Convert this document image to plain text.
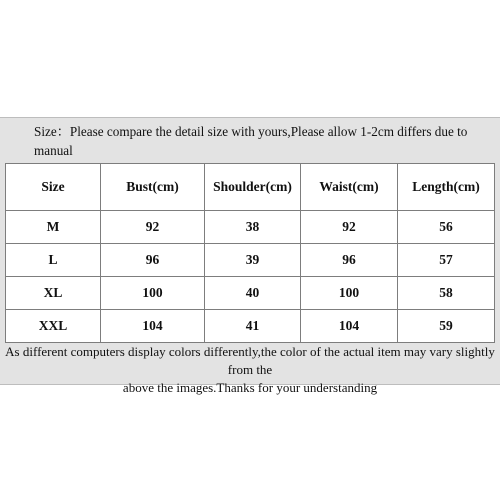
Size：Please compare the detail size with yours,Please allow 1-2cm differs due to manual
Size	Bust(cm)	Shoulder(cm)	Waist(cm)	Length(cm)
M	92	38	92	56
L	96	39	96	57
XL	100	40	100	58
XXL	104	41	104	59
As different computers display colors differently,the color of the actual item may vary slightly from the
above the images.Thanks for your understanding
